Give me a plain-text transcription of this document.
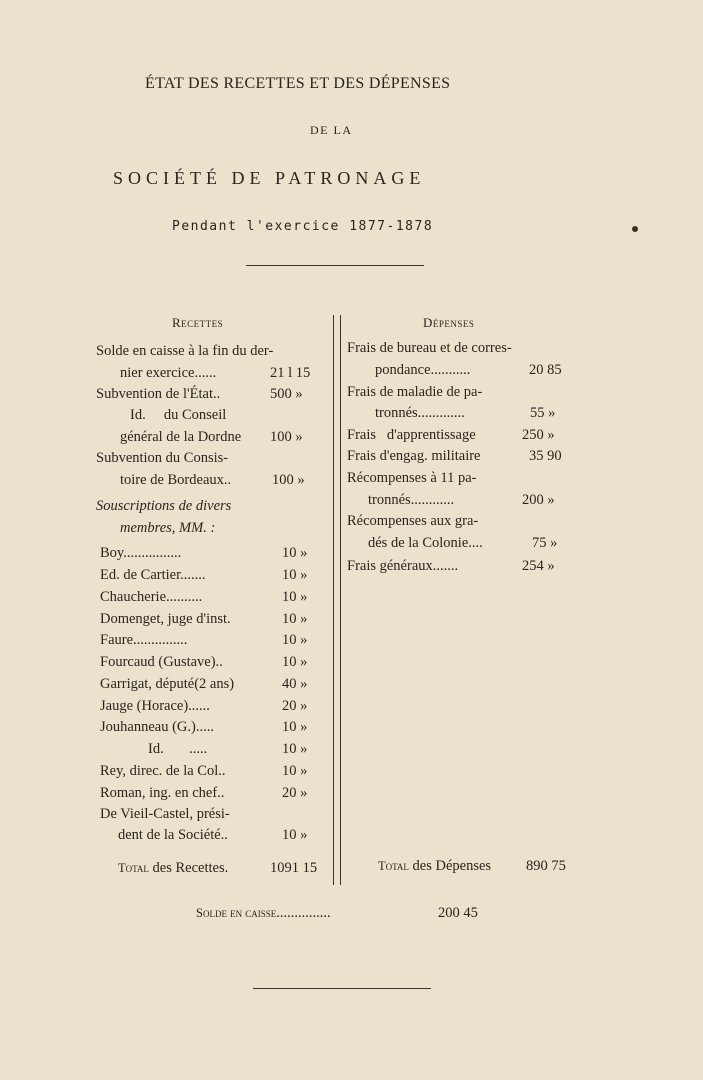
ÉTAT DES RECETTES ET DES DÉPENSES
DE LA
SOCIÉTÉ DE PATRONAGE
Pendant l'exercice 1877-1878
Recettes	Dépenses
Solde en caisse à la fin du der-
nier exercice......	21 l 15
Subvention de l'État..	500 »
Id.     du Conseil
général de la Dordne 100 »
Subvention du Consis-
toire de Bordeaux..	100 »
Souscriptions de divers
membres, MM. :
Boy................	10 »
Ed. de Cartier.......	10 »
Chaucherie..........	10 »
Domenget, juge d'inst.	10 »
Faure...............	10 »
Fourcaud (Gustave)..	10 »
Garrigat, député(2 ans)	40 »
Jauge (Horace)......	20 »
Jouhanneau (G.).....	10 »
Id.       .....	10 »
Rey, direc. de la Col..	10 »
Roman, ing. en chef..	20 »
De Vieil-Castel, prési-
dent de la Société..	10 »
Total des Recettes.	1091 15
Frais de bureau et de corres-
pondance...........	20 85
Frais de maladie de pa-
tronnés.............	55 »
Frais   d'apprentissage	250 »
Frais d'engag. militaire	35 90
Récompenses à 11 pa-
tronnés............	200 »
Récompenses aux gra-
dés de la Colonie....	75 »
Frais généraux.......	254 »
Total des Dépenses 890 75
Solde en caisse...............	200 45
